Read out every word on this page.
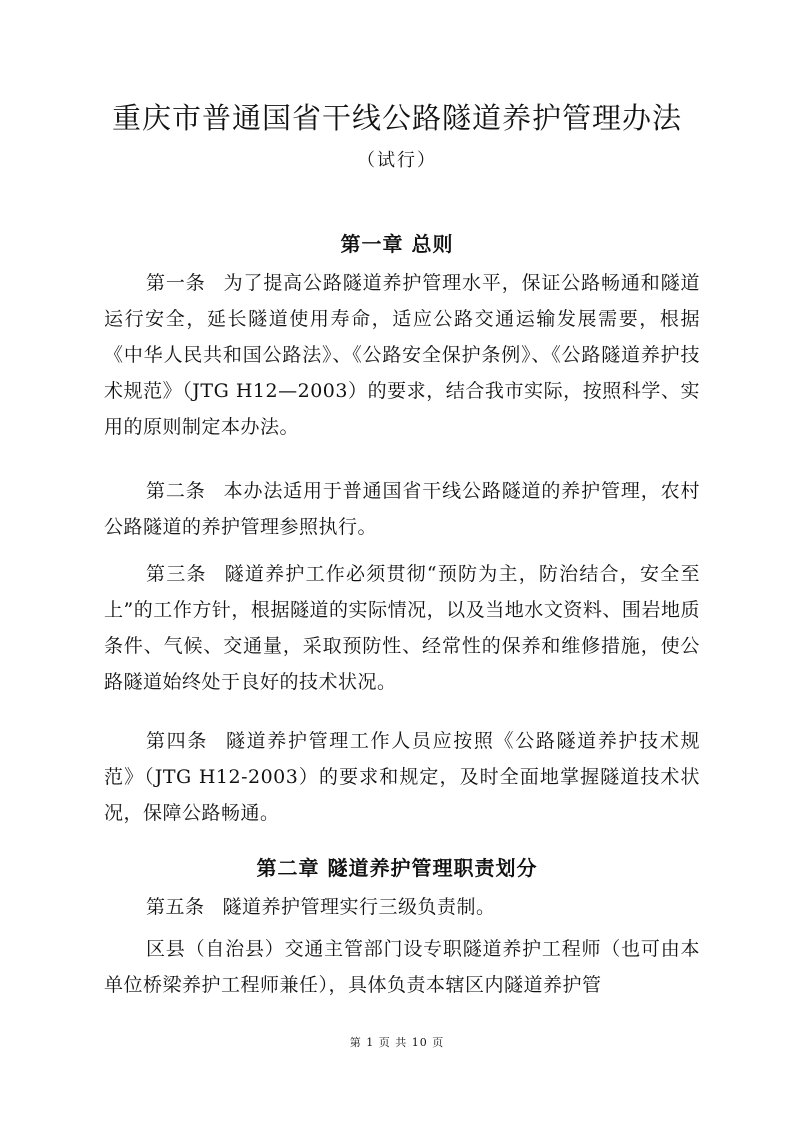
重庆市普通国省干线公路隧道养护管理办法
（试行）
第一章 总则
第一条 为了提高公路隧道养护管理水平，保证公路畅通和隧道运行安全，延长隧道使用寿命，适应公路交通运输发展需要，根据《中华人民共和国公路法》、《公路安全保护条例》、《公路隧道养护技术规范》（JTG H12—2003）的要求，结合我市实际，按照科学、实用的原则制定本办法。
第二条 本办法适用于普通国省干线公路隧道的养护管理，农村公路隧道的养护管理参照执行。
第三条 隧道养护工作必须贯彻“预防为主，防治结合，安全至上”的工作方针，根据隧道的实际情况，以及当地水文资料、围岩地质条件、气候、交通量，采取预防性、经常性的保养和维修措施，使公路隧道始终处于良好的技术状况。
第四条 隧道养护管理工作人员应按照《公路隧道养护技术规范》（JTG H12-2003）的要求和规定，及时全面地掌握隧道技术状况，保障公路畅通。
第二章 隧道养护管理职责划分
第五条 隧道养护管理实行三级负责制。
区县（自治县）交通主管部门设专职隧道养护工程师（也可由本单位桥梁养护工程师兼任），具体负责本辖区内隧道养护管
第 1 页 共 10 页
